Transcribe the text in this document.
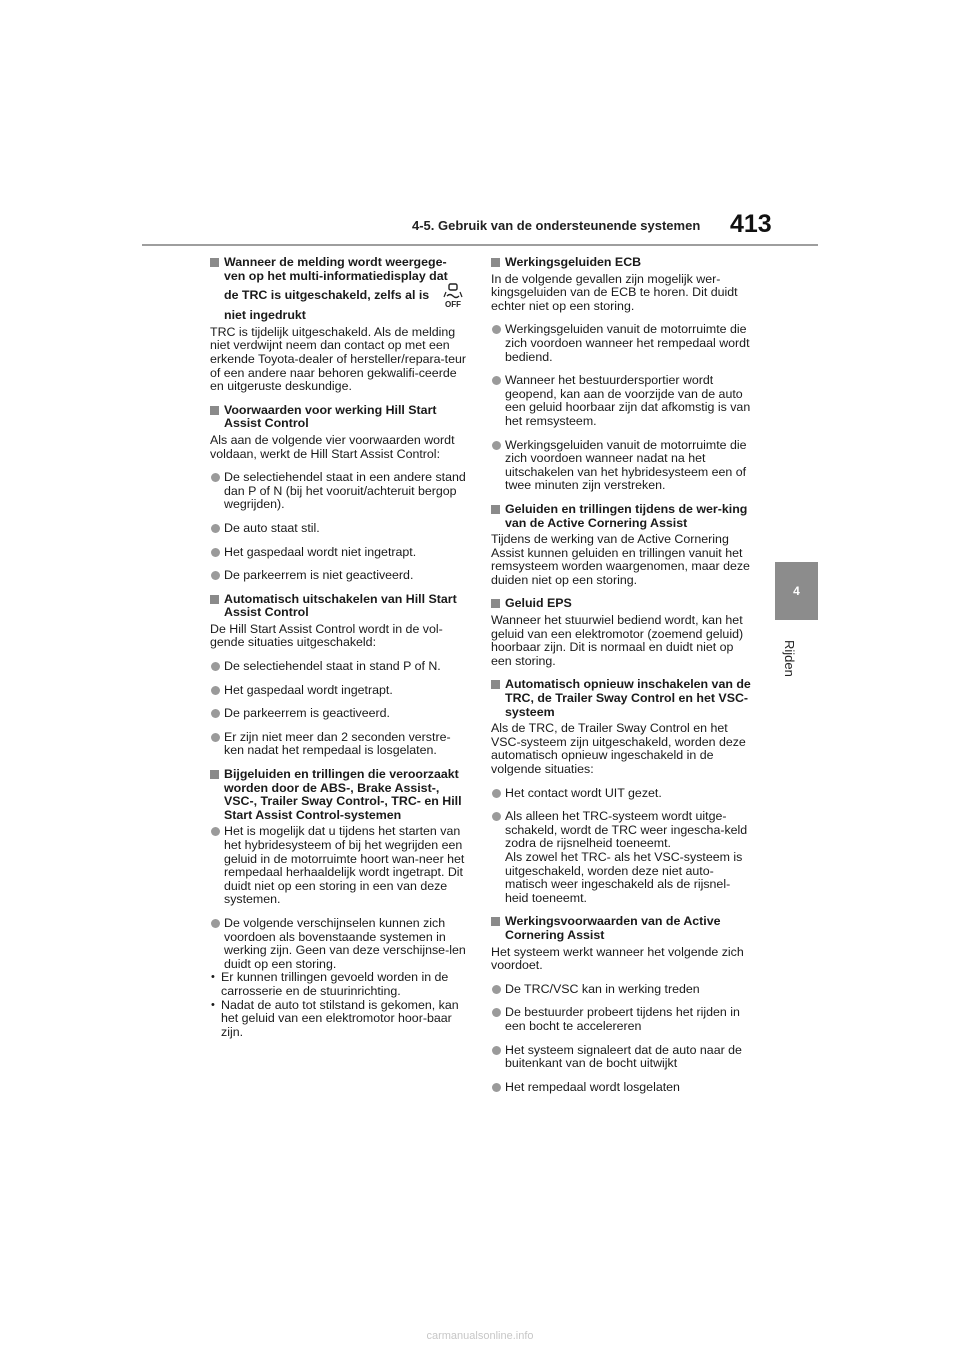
4-5. Gebruik van de ondersteunende systemen 413
4
Rijden
Wanneer de melding wordt weergege-
ven op het multi-informatiedisplay dat
de TRC is uitgeschakeld, zelfs al is
OFF
niet ingedrukt

TRC is tijdelijk uitgeschakeld. Als de melding niet verdwijnt neem dan contact op met een erkende Toyota-dealer of hersteller/repara-teur of een andere naar behoren gekwalifi-ceerde en uitgeruste deskundige.

Voorwaarden voor werking Hill Start Assist Control

Als aan de volgende vier voorwaarden wordt voldaan, werkt de Hill Start Assist Control:

De selectiehendel staat in een andere stand dan P of N (bij het vooruit/achteruit bergop wegrijden).
De auto staat stil.
Het gaspedaal wordt niet ingetrapt.
De parkeerrem is niet geactiveerd.
Automatisch uitschakelen van Hill Start Assist Control

De Hill Start Assist Control wordt in de vol-gende situaties uitgeschakeld:

De selectiehendel staat in stand P of N.
Het gaspedaal wordt ingetrapt.
De parkeerrem is geactiveerd.
Er zijn niet meer dan 2 seconden verstre-ken nadat het rempedaal is losgelaten.
Bijgeluiden en trillingen die veroorzaakt worden door de ABS-, Brake Assist-, VSC-, Trailer Sway Control-, TRC- en Hill Start Assist Control-systemen
Het is mogelijk dat u tijdens het starten van het hybridesysteem of bij het wegrijden een geluid in de motorruimte hoort wan-neer het rempedaal herhaaldelijk wordt ingetrapt. Dit duidt niet op een storing in een van deze systemen.
De volgende verschijnselen kunnen zich voordoen als bovenstaande systemen in werking zijn. Geen van deze verschijnse-len duidt op een storing.
• Er kunnen trillingen gevoeld worden in de carrosserie en de stuurinrichting.
• Nadat de auto tot stilstand is gekomen, kan het geluid van een elektromotor hoor-baar zijn.
Werkingsgeluiden ECB

In de volgende gevallen zijn mogelijk wer-kingsgeluiden van de ECB te horen. Dit duidt echter niet op een storing.

Werkingsgeluiden vanuit de motorruimte die zich voordoen wanneer het rempedaal wordt bediend.
Wanneer het bestuurdersportier wordt geopend, kan aan de voorzijde van de auto een geluid hoorbaar zijn dat afkomstig is van het remsysteem.
Werkingsgeluiden vanuit de motorruimte die zich voordoen wanneer nadat na het uitschakelen van het hybridesysteem een of twee minuten zijn verstreken.
Geluiden en trillingen tijdens de wer-king van de Active Cornering Assist

Tijdens de werking van de Active Cornering Assist kunnen geluiden en trillingen vanuit het remsysteem worden waargenomen, maar deze duiden niet op een storing.

Geluid EPS

Wanneer het stuurwiel bediend wordt, kan het geluid van een elektromotor (zoemend geluid) hoorbaar zijn. Dit is normaal en duidt niet op een storing.

Automatisch opnieuw inschakelen van de TRC, de Trailer Sway Control en het VSC-systeem

Als de TRC, de Trailer Sway Control en het VSC-systeem zijn uitgeschakeld, worden deze automatisch opnieuw ingeschakeld in de volgende situaties:

Het contact wordt UIT gezet.
Als alleen het TRC-systeem wordt uitge-schakeld, wordt de TRC weer ingescha-keld zodra de rijsnelheid toeneemt.
Als zowel het TRC- als het VSC-systeem is uitgeschakeld, worden deze niet auto-matisch weer ingeschakeld als de rijsnel-heid toeneemt.
Werkingsvoorwaarden van de Active Cornering Assist

Het systeem werkt wanneer het volgende zich voordoet.

De TRC/VSC kan in werking treden
De bestuurder probeert tijdens het rijden in een bocht te accelereren
Het systeem signaleert dat de auto naar de buitenkant van de bocht uitwijkt
Het rempedaal wordt losgelaten
carmanualsonline.info
